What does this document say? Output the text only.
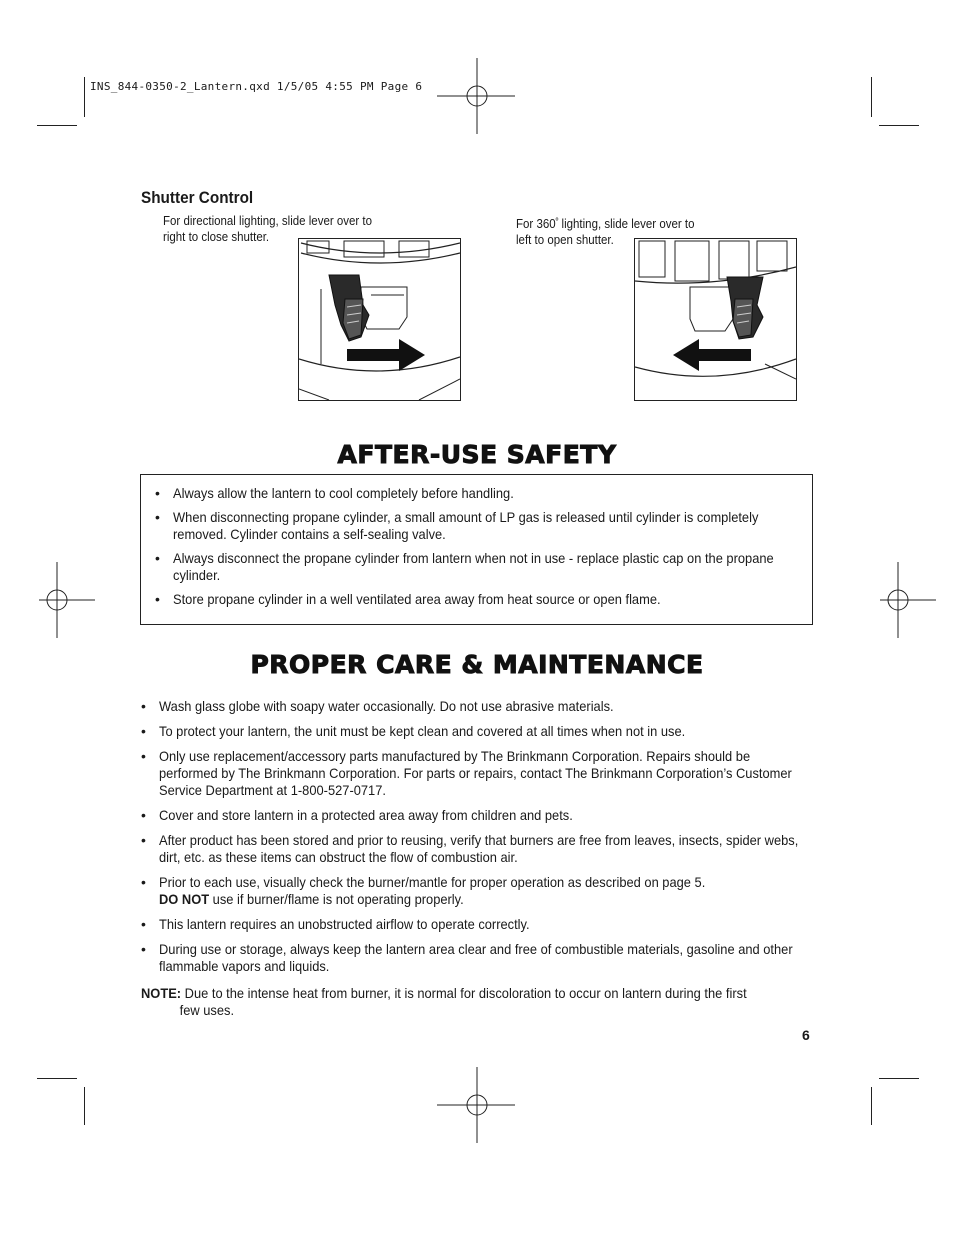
INS_844-0350-2_Lantern.qxd 1/5/05 4:55 PM Page 6
Shutter Control
For directional lighting, slide lever over to
right to close shutter.
For $360^º$ lighting, slide lever over to
left to open shutter.
AFTER-USE SAFETY
• Always allow the lantern to cool completely before handling.
• When disconnecting propane cylinder, a small amount of LP gas is released until cylinder is completely removed. Cylinder contains a self-sealing valve.
• Always disconnect the propane cylinder from lantern when not in use - replace plastic cap on the propane cylinder.
• Store propane cylinder in a well ventilated area away from heat source or open flame.
PROPER CARE & MAINTENANCE
• Wash glass globe with soapy water occasionally. Do not use abrasive materials.
• To protect your lantern, the unit must be kept clean and covered at all times when not in use.
• Only use replacement/accessory parts manufactured by The Brinkmann Corporation. Repairs should be performed by The Brinkmann Corporation. For parts or repairs, contact The Brinkmann Corporation’s Customer Service Department at 1-800-527-0717.
• Cover and store lantern in a protected area away from children and pets.
• After product has been stored and prior to reusing, verify that burners are free from leaves, insects, spider webs, dirt, etc. as these items can obstruct the flow of combustion air.
• Prior to each use, visually check the burner/mantle for proper operation as described on page 5.
DO NOT use if burner/flame is not operating properly.
• This lantern requires an unobstructed airflow to operate correctly.
• During use or storage, always keep the lantern area clear and free of combustible materials, gasoline and other flammable vapors and liquids.
NOTE: Due to the intense heat from burner, it is normal for discoloration to occur on lantern during the first
few uses.
6
